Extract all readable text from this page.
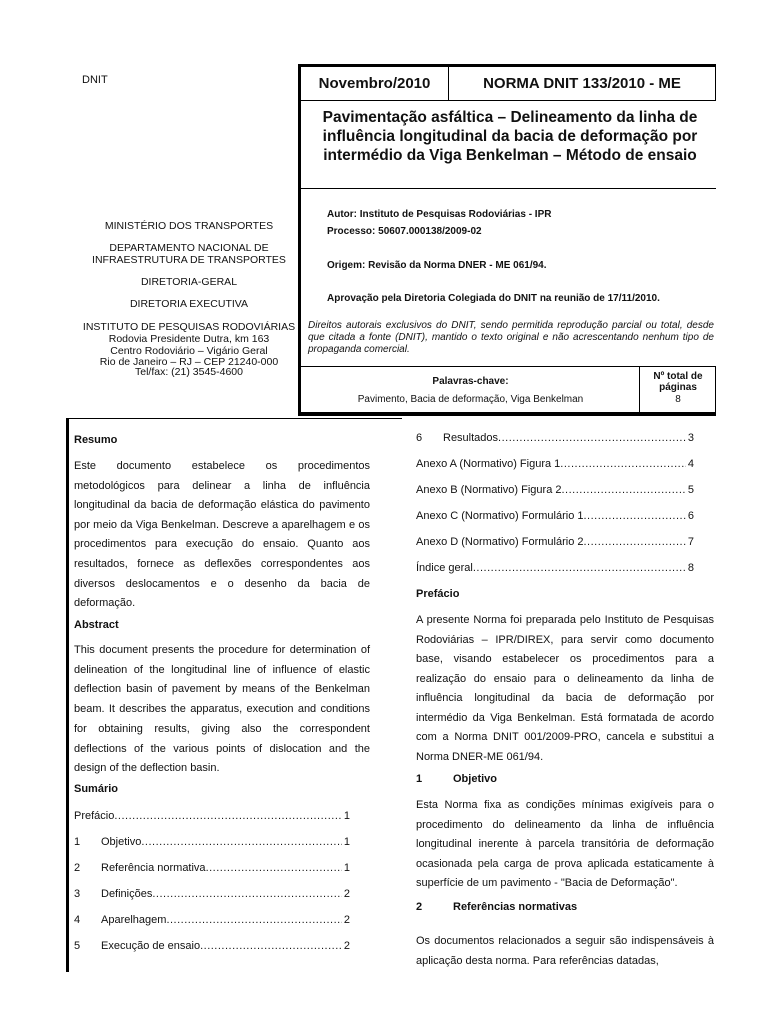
DNIT
MINISTÉRIO DOS TRANSPORTES
DEPARTAMENTO NACIONAL DE INFRAESTRUTURA DE TRANSPORTES
DIRETORIA-GERAL
DIRETORIA EXECUTIVA
INSTITUTO DE PESQUISAS RODOVIÁRIAS
Rodovia Presidente Dutra, km 163
Centro Rodoviário – Vigário Geral
Rio de Janeiro – RJ – CEP 21240-000
Tel/fax: (21) 3545-4600
Novembro/2010	NORMA DNIT 133/2010 - ME
Pavimentação asfáltica – Delineamento da linha de influência longitudinal da bacia de deformação por intermédio da Viga Benkelman – Método de ensaio
Autor: Instituto de Pesquisas Rodoviárias - IPR
Processo: 50607.000138/2009-02
Origem: Revisão da Norma DNER - ME 061/94.
Aprovação pela Diretoria Colegiada do DNIT na reunião de 17/11/2010.
Direitos autorais exclusivos do DNIT, sendo permitida reprodução parcial ou total, desde que citada a fonte (DNIT), mantido o texto original e não acrescentando nenhum tipo de propaganda comercial.
Palavras-chave:
Pavimento, Bacia de deformação, Viga Benkelman
Nº total de páginas
8
Resumo
Este documento estabelece os procedimentos metodológicos para delinear a linha de influência longitudinal da bacia de deformação elástica do pavimento por meio da Viga Benkelman. Descreve a aparelhagem e os procedimentos para execução do ensaio. Quanto aos resultados, fornece as deflexões correspondentes aos diversos deslocamentos e o desenho da bacia de deformação.
Abstract
This document presents the procedure for determination of delineation of the longitudinal line of influence of elastic deflection basin of pavement by means of the Benkelman beam. It describes the apparatus, execution and conditions for obtaining results, giving also the correspondent deflections of the various points of dislocation and the design of the deflection basin.
Sumário
Prefácio .....	1
1	Objetivo .....	1
2	Referência normativa .....	1
3	Definições .....	2
4	Aparelhagem .....	2
5	Execução de ensaio .....	2
6	Resultados .....	3
Anexo A (Normativo) Figura 1 .....	4
Anexo B (Normativo) Figura 2 .....	5
Anexo C (Normativo) Formulário 1 .....	6
Anexo D (Normativo) Formulário 2 .....	7
Índice geral .....	8
Prefácio
A presente Norma foi preparada pelo Instituto de Pesquisas Rodoviárias – IPR/DIREX, para servir como documento base, visando estabelecer os procedimentos para a realização do ensaio para o delineamento da linha de influência longitudinal da bacia de deformação por intermédio da Viga Benkelman. Está formatada de acordo com a Norma DNIT 001/2009-PRO, cancela e substitui a Norma DNER-ME 061/94.
1	Objetivo
Esta Norma fixa as condições mínimas exigíveis para o procedimento do delineamento da linha de influência longitudinal inerente à parcela transitória de deformação ocasionada pela carga de prova aplicada estaticamente à superfície de um pavimento - "Bacia de Deformação".
2	Referências normativas
Os documentos relacionados a seguir são indispensáveis à aplicação desta norma. Para referências datadas,
